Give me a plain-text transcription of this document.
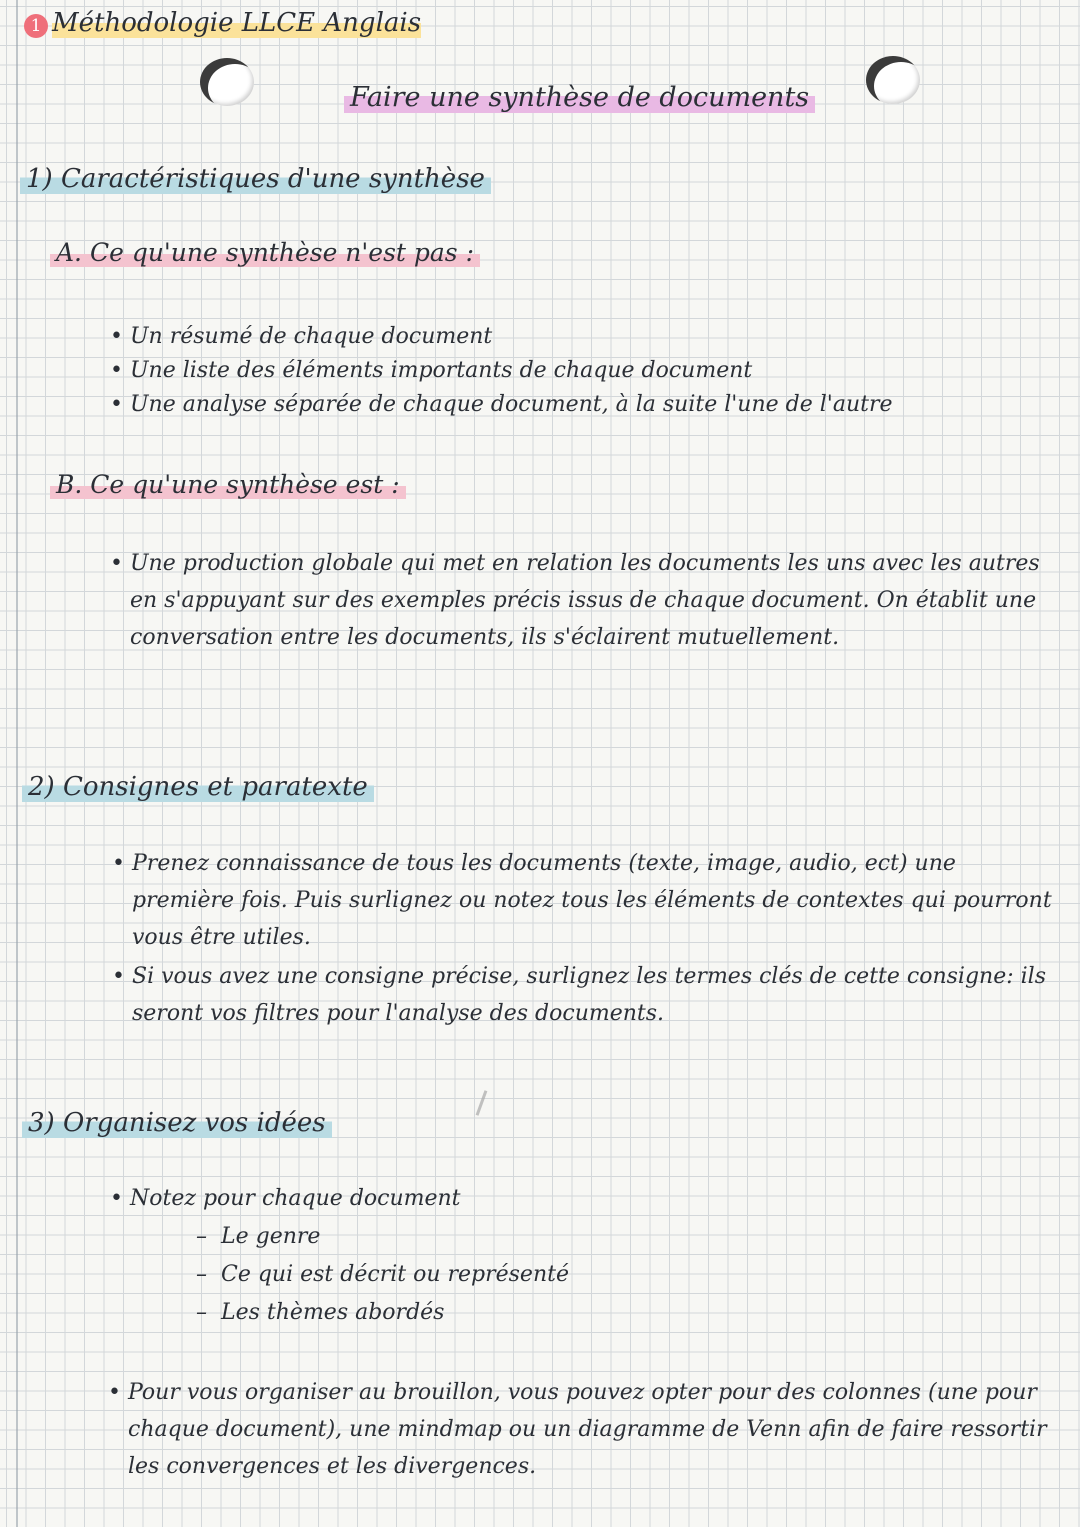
1 Méthodologie LLCE Anglais
Faire une synthèse de documents
1) Caractéristiques d'une synthèse
A. Ce qu'une synthèse n'est pas :
• Un résumé de chaque document
• Une liste des éléments importants de chaque document
• Une analyse séparée de chaque document, à la suite l'une de l'autre
B. Ce qu'une synthèse est :
• Une production globale qui met en relation les documents les uns avec les autres en s'appuyant sur des exemples précis issus de chaque document. On établit une conversation entre les documents, ils s'éclairent mutuellement.
2) Consignes et paratexte
• Prenez connaissance de tous les documents (texte, image, audio, ect) une première fois. Puis surlignez ou notez tous les éléments de contextes qui pourront vous être utiles.
• Si vous avez une consigne précise, surlignez les termes clés de cette consigne: ils seront vos filtres pour l'analyse des documents.
3) Organisez vos idées
• Notez pour chaque document
–  Le genre
–  Ce qui est décrit ou représenté
–  Les thèmes abordés
• Pour vous organiser au brouillon, vous pouvez opter pour des colonnes (une pour chaque document), une mindmap ou un diagramme de Venn afin de faire ressortir les convergences et les divergences.
